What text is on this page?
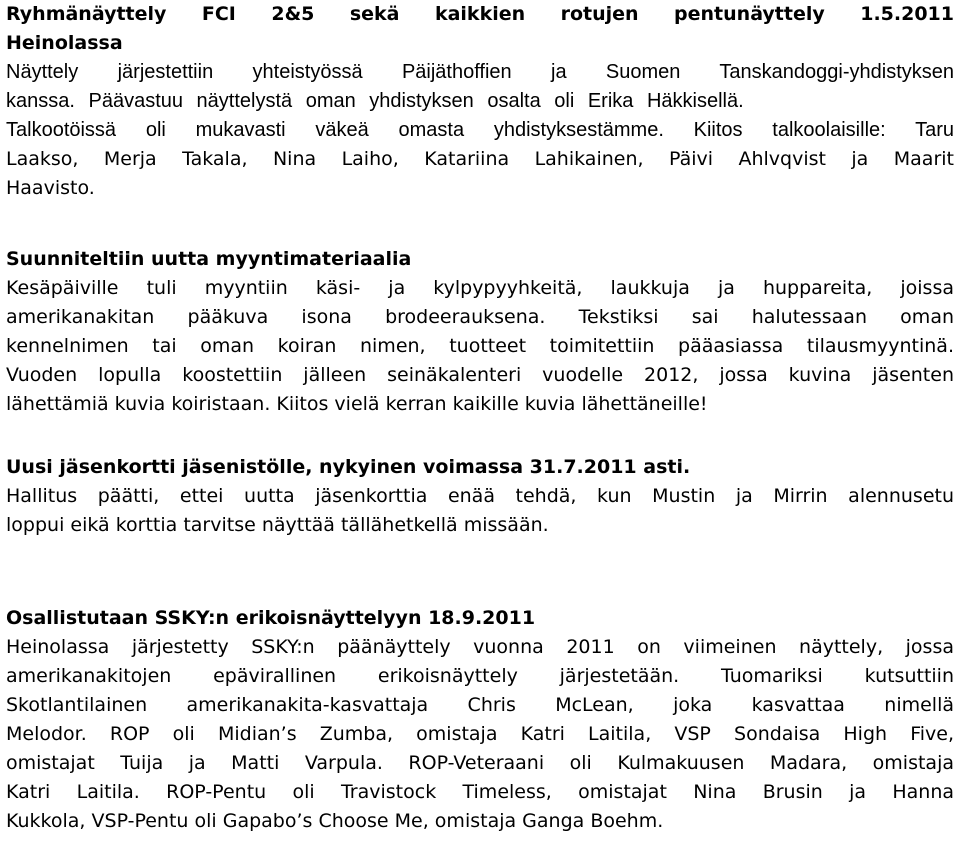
Ryhmänäyttely FCI 2&5 sekä kaikkien rotujen pentunäyttely 1.5.2011
Heinolassa
Näyttely järjestettiin yhteistyössä Päijäthoffien ja Suomen Tanskandoggi-yhdistyksen
kanssa. Päävastuu näyttelystä oman yhdistyksen osalta oli Erika Häkkisellä.
Talkootöissä oli mukavasti väkeä omasta yhdistyksestämme. Kiitos talkoolaisille: Taru
Laakso, Merja Takala, Nina Laiho, Katariina Lahikainen, Päivi Ahlvqvist ja Maarit
Haavisto.
Suunniteltiin uutta myyntimateriaalia
Kesäpäiville tuli myyntiin käsi- ja kylpypyyhkeitä, laukkuja ja huppareita, joissa
amerikanakitan pääkuva isona brodeerauksena. Tekstiksi sai halutessaan oman
kennelnimen tai oman koiran nimen, tuotteet toimitettiin pääasiassa tilausmyyntinä.
Vuoden lopulla koostettiin jälleen seinäkalenteri vuodelle 2012, jossa kuvina jäsenten
lähettämiä kuvia koiristaan. Kiitos vielä kerran kaikille kuvia lähettäneille!
Uusi jäsenkortti jäsenistölle, nykyinen voimassa 31.7.2011 asti.
Hallitus päätti, ettei uutta jäsenkorttia enää tehdä, kun Mustin ja Mirrin alennusetu
loppui eikä korttia tarvitse näyttää tällähetkellä missään.
Osallistutaan SSKY:n erikoisnäyttelyyn 18.9.2011
Heinolassa järjestetty SSKY:n päänäyttely vuonna 2011 on viimeinen näyttely, jossa
amerikanakitojen epävirallinen erikoisnäyttely järjestetään. Tuomariksi kutsuttiin
Skotlantilainen amerikanakita-kasvattaja Chris McLean, joka kasvattaa nimellä
Melodor. ROP oli Midian’s Zumba, omistaja Katri Laitila, VSP Sondaisa High Five,
omistajat Tuija ja Matti Varpula. ROP-Veteraani oli Kulmakuusen Madara, omistaja
Katri Laitila. ROP-Pentu oli Travistock Timeless, omistajat Nina Brusin ja Hanna
Kukkola, VSP-Pentu oli Gapabo’s Choose Me, omistaja Ganga Boehm.
